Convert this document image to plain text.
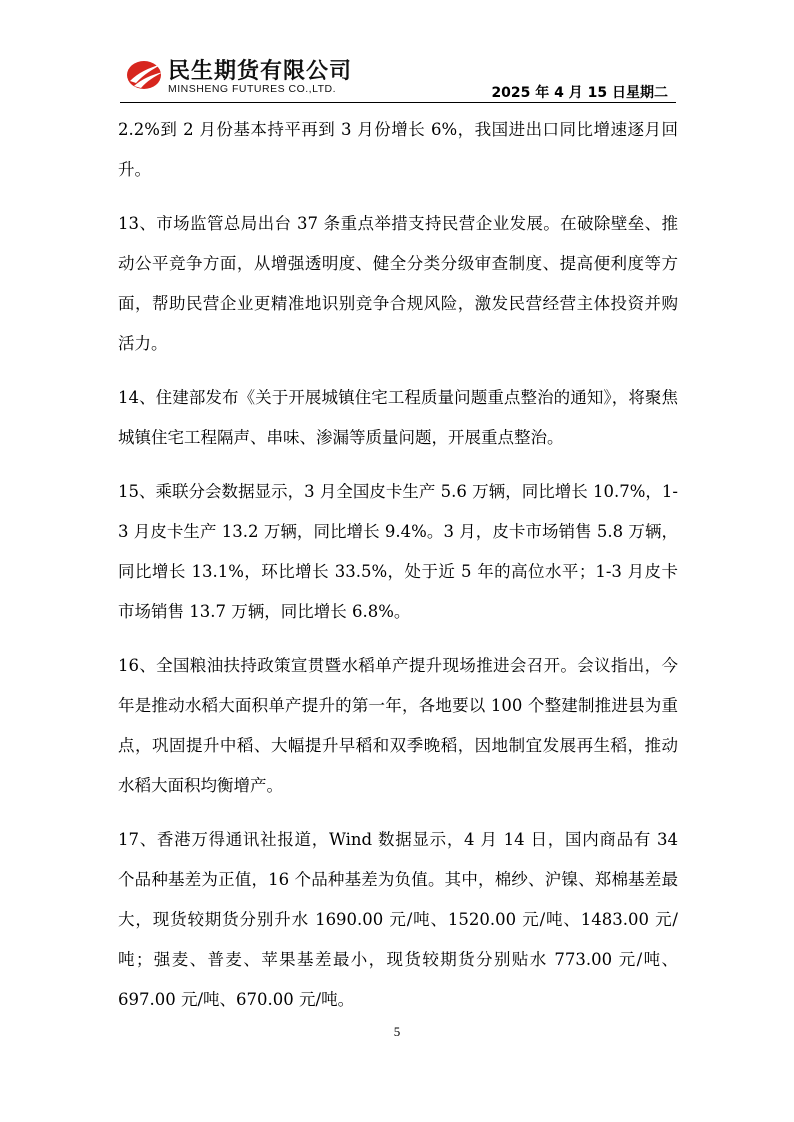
民生期货有限公司
MINSHENG FUTURES CO.,LTD.	2025 年 4 月 15 日星期二

2.2%到 2 月份基本持平再到 3 月份增长 6%，我国进出口同比增速逐月回升。

13、市场监管总局出台 37 条重点举措支持民营企业发展。在破除壁垒、推动公平竞争方面，从增强透明度、健全分类分级审查制度、提高便利度等方面，帮助民营企业更精准地识别竞争合规风险，激发民营经营主体投资并购活力。

14、住建部发布《关于开展城镇住宅工程质量问题重点整治的通知》，将聚焦城镇住宅工程隔声、串味、渗漏等质量问题，开展重点整治。

15、乘联分会数据显示，3 月全国皮卡生产 5.6 万辆，同比增长 10.7%，1-3 月皮卡生产 13.2 万辆，同比增长 9.4%。3 月，皮卡市场销售 5.8 万辆，同比增长 13.1%，环比增长 33.5%，处于近 5 年的高位水平；1-3 月皮卡市场销售 13.7 万辆，同比增长 6.8%。

16、全国粮油扶持政策宣贯暨水稻单产提升现场推进会召开。会议指出，今年是推动水稻大面积单产提升的第一年，各地要以 100 个整建制推进县为重点，巩固提升中稻、大幅提升早稻和双季晚稻，因地制宜发展再生稻，推动水稻大面积均衡增产。

17、香港万得通讯社报道，Wind 数据显示，4 月 14 日，国内商品有 34 个品种基差为正值，16 个品种基差为负值。其中，棉纱、沪镍、郑棉基差最大，现货较期货分别升水 1690.00 元/吨、1520.00 元/吨、1483.00 元/吨；强麦、普麦、苹果基差最小，现货较期货分别贴水 773.00 元/吨、697.00 元/吨、670.00 元/吨。

5
